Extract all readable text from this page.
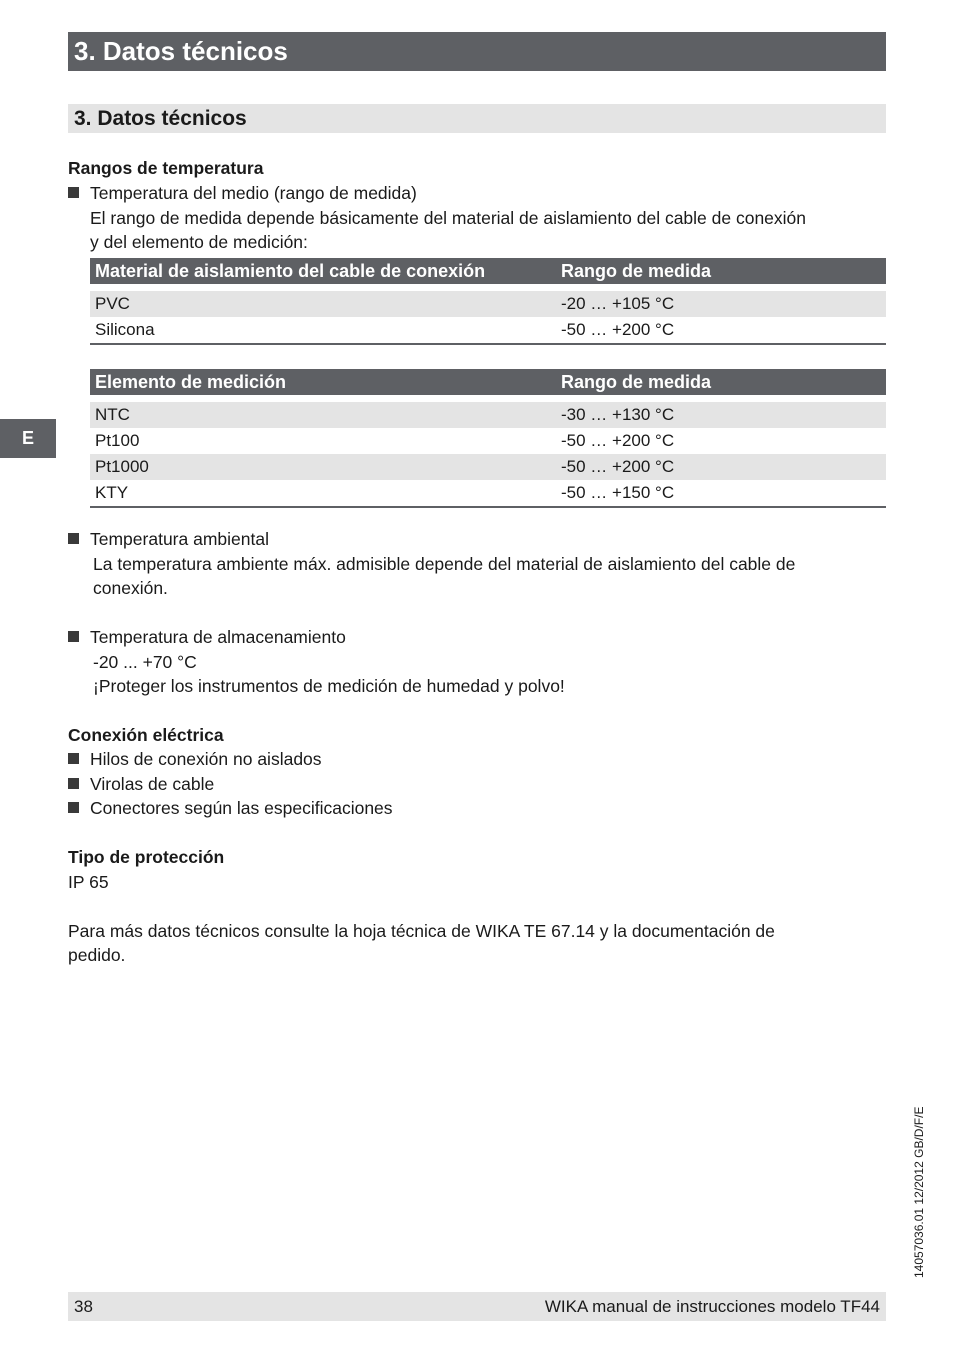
3. Datos técnicos
3. Datos técnicos
E
Rangos de temperatura
Temperatura del medio (rango de medida)
El rango de medida depende básicamente del material de aislamiento del cable de conexión
y del elemento de medición:
Material de aislamiento del cable de conexión	Rango de medida
PVC	-20 … +105 °C
Silicona	-50 … +200 °C
Elemento de medición	Rango de medida
NTC	-30 … +130 °C
Pt100	-50 … +200 °C
Pt1000	-50 … +200 °C
KTY	-50 … +150 °C
Temperatura ambiental
La temperatura ambiente máx. admisible depende del material de aislamiento del cable de
conexión.
Temperatura de almacenamiento
-20 ... +70 °C
¡Proteger los instrumentos de medición de humedad y polvo!
Conexión eléctrica
Hilos de conexión no aislados
Virolas de cable
Conectores según las especificaciones
Tipo de protección
IP 65
Para más datos técnicos consulte la hoja técnica de WIKA TE 67.14 y la documentación de
pedido.
14057036.01 12/2012 GB/D/F/E
38	WIKA manual de instrucciones modelo TF44
